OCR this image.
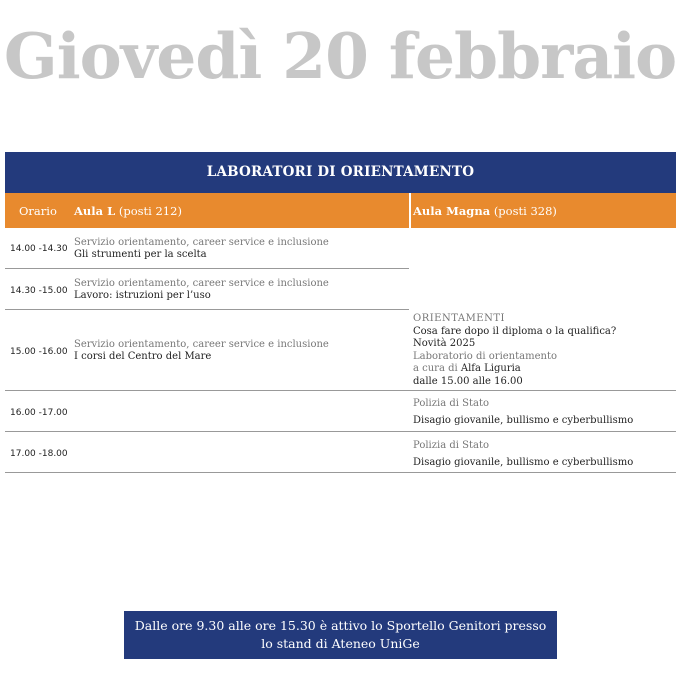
Giovedì 20 febbraio
LABORATORI DI ORIENTAMENTO
Orario Aula L (posti 212)	Aula Magna (posti 328)
14.00 -14.30
Servizio orientamento, career service e inclusione
Gli strumenti per la scelta
14.30 -15.00
Servizio orientamento, career service e inclusione
Lavoro: istruzioni per l’uso
15.00 -16.00
Servizio orientamento, career service e inclusione
I corsi del Centro del Mare
ORIENTAMENTI
Cosa fare dopo il diploma o la qualifica?
Novità 2025
Laboratorio di orientamento
a cura di Alfa Liguria
dalle 15.00 alle 16.00
16.00 -17.00
Polizia di Stato
Disagio giovanile, bullismo e cyberbullismo
17.00 -18.00
Polizia di Stato
Disagio giovanile, bullismo e cyberbullismo
Dalle ore 9.30 alle ore 15.30 è attivo lo Sportello Genitori presso
lo stand di Ateneo UniGe
